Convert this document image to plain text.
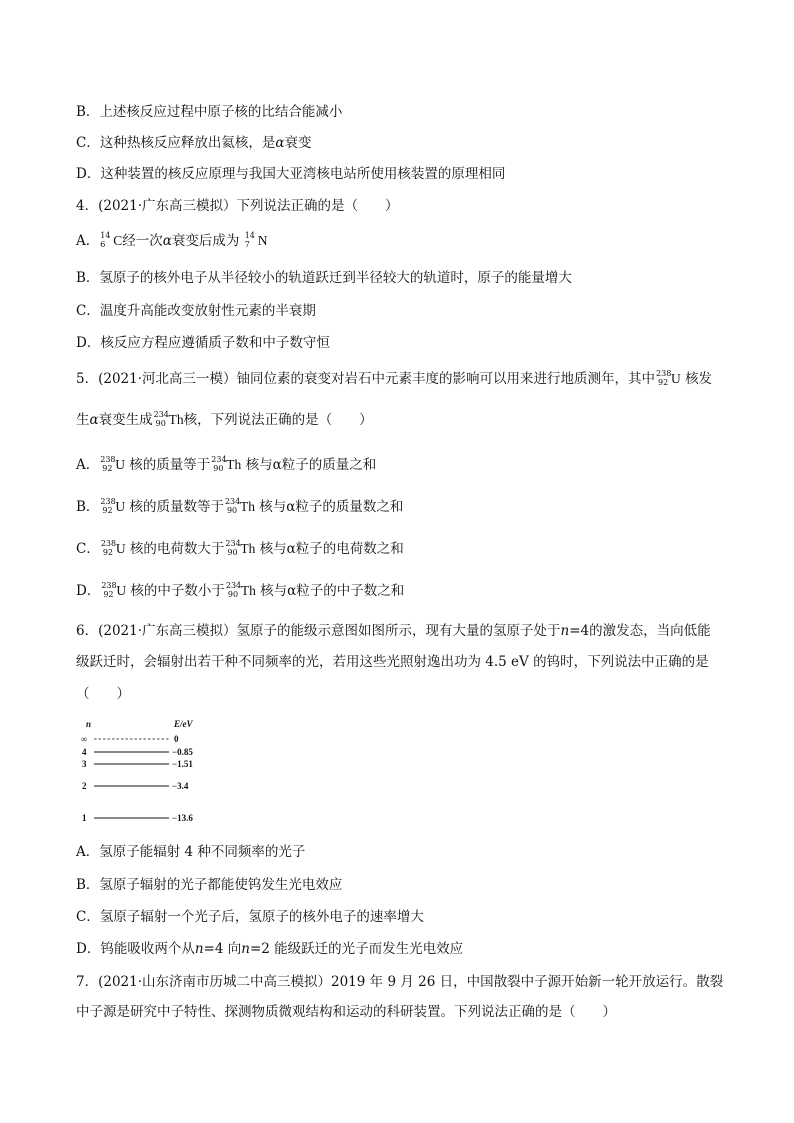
B．上述核反应过程中原子核的比结合能减小
C．这种热核反应释放出氦核，是α衰变
D．这种装置的核反应原理与我国大亚湾核电站所使用核装置的原理相同
4．(2021·广东高三模拟）下列说法正确的是（　　）
A． 14
6 C经一次α衰变后成为 14
7 N
B．氢原子的核外电子从半径较小的轨道跃迁到半径较大的轨道时，原子的能量增大
C．温度升高能改变放射性元素的半衰期
D．核反应方程应遵循质子数和中子数守恒
5．(2021·河北高三一模）铀同位素的衰变对岩石中元素丰度的影响可以用来进行地质测年，其中 238
92 U 核发
生α衰变生成 234
90 Th核，下列说法正确的是（　　）
A． 238
92 U 核的质量等于 234
90 Th 核与α粒子的质量之和
B． 238
92 U 核的质量数等于 234
90 Th 核与α粒子的质量数之和
C． 238
92 U 核的电荷数大于 234
90 Th 核与α粒子的电荷数之和
D． 238
92 U 核的中子数小于 234
90 Th 核与α粒子的中子数之和
6．(2021·广东高三模拟）氢原子的能级示意图如图所示，现有大量的氢原子处于n=4的激发态，当向低能
级跃迁时，会辐射出若干种不同频率的光，若用这些光照射逸出功为 4.5 eV 的钨时，下列说法中正确的是
（　　）
n	E/eV
∞	0
4	−0.85
3	−1.51
2	−3.4
1	−13.6
A．氢原子能辐射 4 种不同频率的光子
B．氢原子辐射的光子都能使钨发生光电效应
C．氢原子辐射一个光子后，氢原子的核外电子的速率增大
D．钨能吸收两个从n=4 向n=2 能级跃迁的光子而发生光电效应
7．(2021·山东济南市历城二中高三模拟）2019 年 9 月 26 日，中国散裂中子源开始新一轮开放运行。散裂
中子源是研究中子特性、探测物质微观结构和运动的科研装置。下列说法正确的是（　　）
